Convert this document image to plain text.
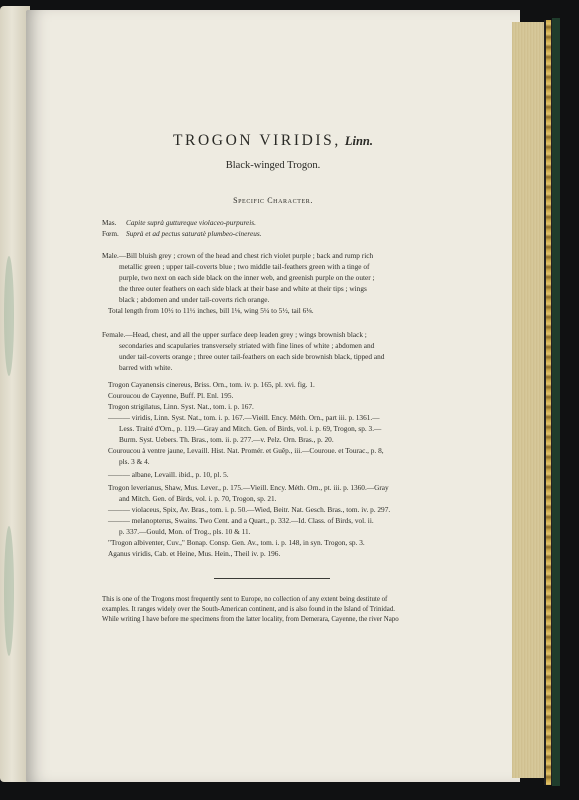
TROGON VIRIDIS, Linn.
Black-winged Trogon.
Specific Character.
Mas. Capite suprà guttureque violaceo-purpureis.
Fœm. Suprà et ad pectus saturatè plumbeo-cinereus.
Male.—Bill bluish grey ; crown of the head and chest rich violet purple ; back and rump rich
metallic green ; upper tail-coverts blue ; two middle tail-feathers green with a tinge of
purple, two next on each side black on the inner web, and greenish purple on the outer ;
the three outer feathers on each side black at their base and white at their tips ; wings
black ; abdomen and under tail-coverts rich orange.
Total length from 10½ to 11½ inches, bill 1⅛, wing 5¼ to 5½, tail 6⅛.
Female.—Head, chest, and all the upper surface deep leaden grey ; wings brownish black ;
secondaries and scapularies transversely striated with fine lines of white ; abdomen and
under tail-coverts orange ; three outer tail-feathers on each side brownish black, tipped and
barred with white.
Trogon Cayanensis cinereus, Briss. Orn., tom. iv. p. 165, pl. xvi. fig. 1.
Couroucou de Cayenne, Buff. Pl. Enl. 195.
Trogon strigilatus, Linn. Syst. Nat., tom. i. p. 167.
——— viridis, Linn. Syst. Nat., tom. i. p. 167.—Vieill. Ency. Méth. Orn., part iii. p. 1361.—
Less. Traité d'Orn., p. 119.—Gray and Mitch. Gen. of Birds, vol. i. p. 69, Trogon, sp. 3.—
Burm. Syst. Uebers. Th. Bras., tom. ii. p. 277.—v. Pelz. Orn. Bras., p. 20.
Couroucou à ventre jaune, Levaill. Hist. Nat. Promér. et Guêp., iii.—Couroue. et Tourac., p. 8,
pls. 3 & 4.
——— albane, Levaill. ibid., p. 10, pl. 5.
Trogon leverianus, Shaw, Mus. Lever., p. 175.—Vieill. Ency. Méth. Orn., pt. iii. p. 1360.—Gray
and Mitch. Gen. of Birds, vol. i. p. 70, Trogon, sp. 21.
——— violaceus, Spix, Av. Bras., tom. i. p. 50.—Wied, Beitr. Nat. Gesch. Bras., tom. iv. p. 297.
——— melanopterus, Swains. Two Cent. and a Quart., p. 332.—Id. Class. of Birds, vol. ii.
p. 337.—Gould, Mon. of Trog., pls. 10 & 11.
"Trogon albiventer, Cuv.," Bonap. Consp. Gen. Av., tom. i. p. 148, in syn. Trogon, sp. 3.
Aganus viridis, Cab. et Heine, Mus. Hein., Theil iv. p. 196.
This is one of the Trogons most frequently sent to Europe, no collection of any extent being destitute of
examples. It ranges widely over the South-American continent, and is also found in the Island of Trinidad.
While writing I have before me specimens from the latter locality, from Demerara, Cayenne, the river Napo
